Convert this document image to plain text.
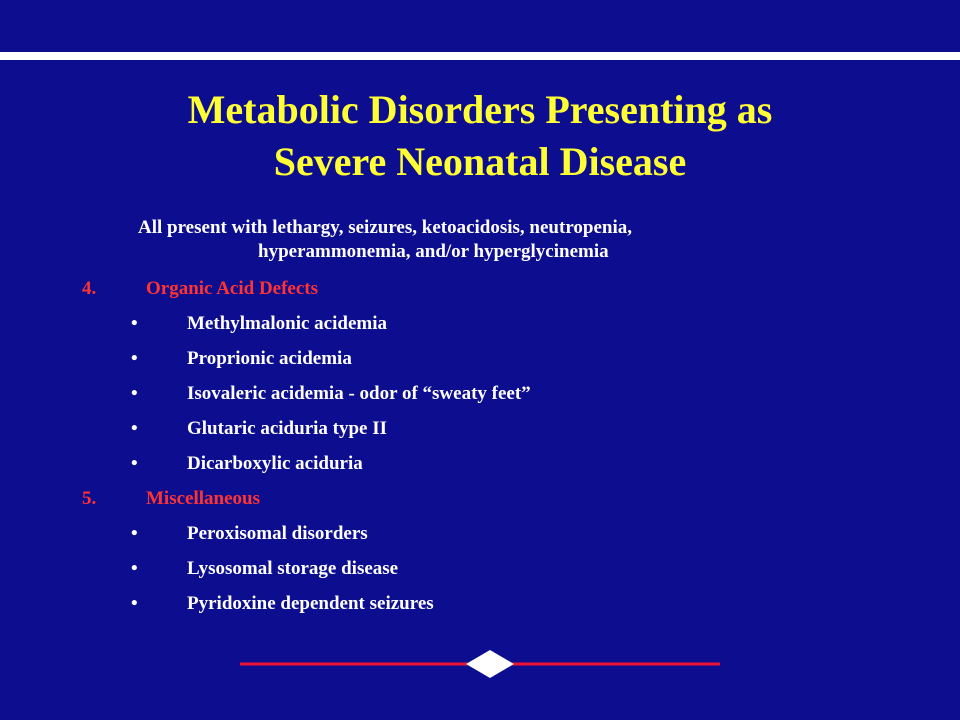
Metabolic Disorders Presenting as
Severe Neonatal Disease
All present with lethargy, seizures, ketoacidosis, neutropenia,
hyperammonemia, and/or hyperglycinemia
4.	Organic Acid Defects
•	Methylmalonic acidemia
•	Proprionic acidemia
•	Isovaleric acidemia - odor of “sweaty feet”
•	Glutaric aciduria type II
•	Dicarboxylic aciduria
5.	Miscellaneous
•	Peroxisomal disorders
•	Lysosomal storage disease
•	Pyridoxine dependent seizures
